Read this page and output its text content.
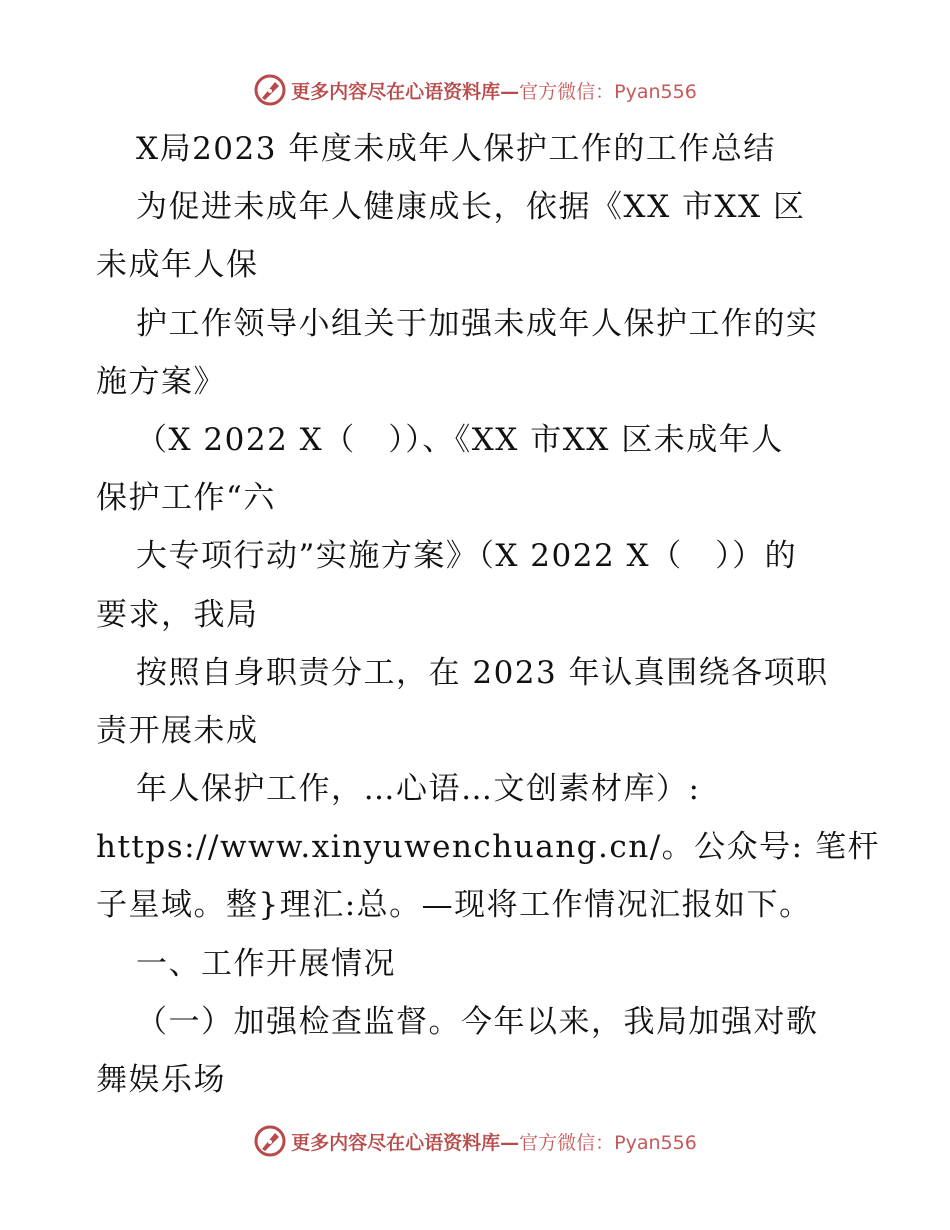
更多内容尽在心语资料库—官方微信：Pyan556
X局2023 年度未成年人保护工作的工作总结
为促进未成年人健康成长，依据《XX 市XX 区
未成年人保
护工作领导小组关于加强未成年人保护工作的实
施方案》
（X 2022 X（　））、《XX 市XX 区未成年人
保护工作“六
大专项行动”实施方案》（X 2022 X（　））的
要求，我局
按照自身职责分工，在 2023 年认真围绕各项职
责开展未成
年人保护工作，…心语…文创素材库）:
https://www.xinyuwenchuang.cn/。公众号: 笔杆
子星域。整}理汇:总。—现将工作情况汇报如下。
一、工作开展情况
（一）加强检查监督。今年以来，我局加强对歌
舞娱乐场
更多内容尽在心语资料库—官方微信：Pyan556
